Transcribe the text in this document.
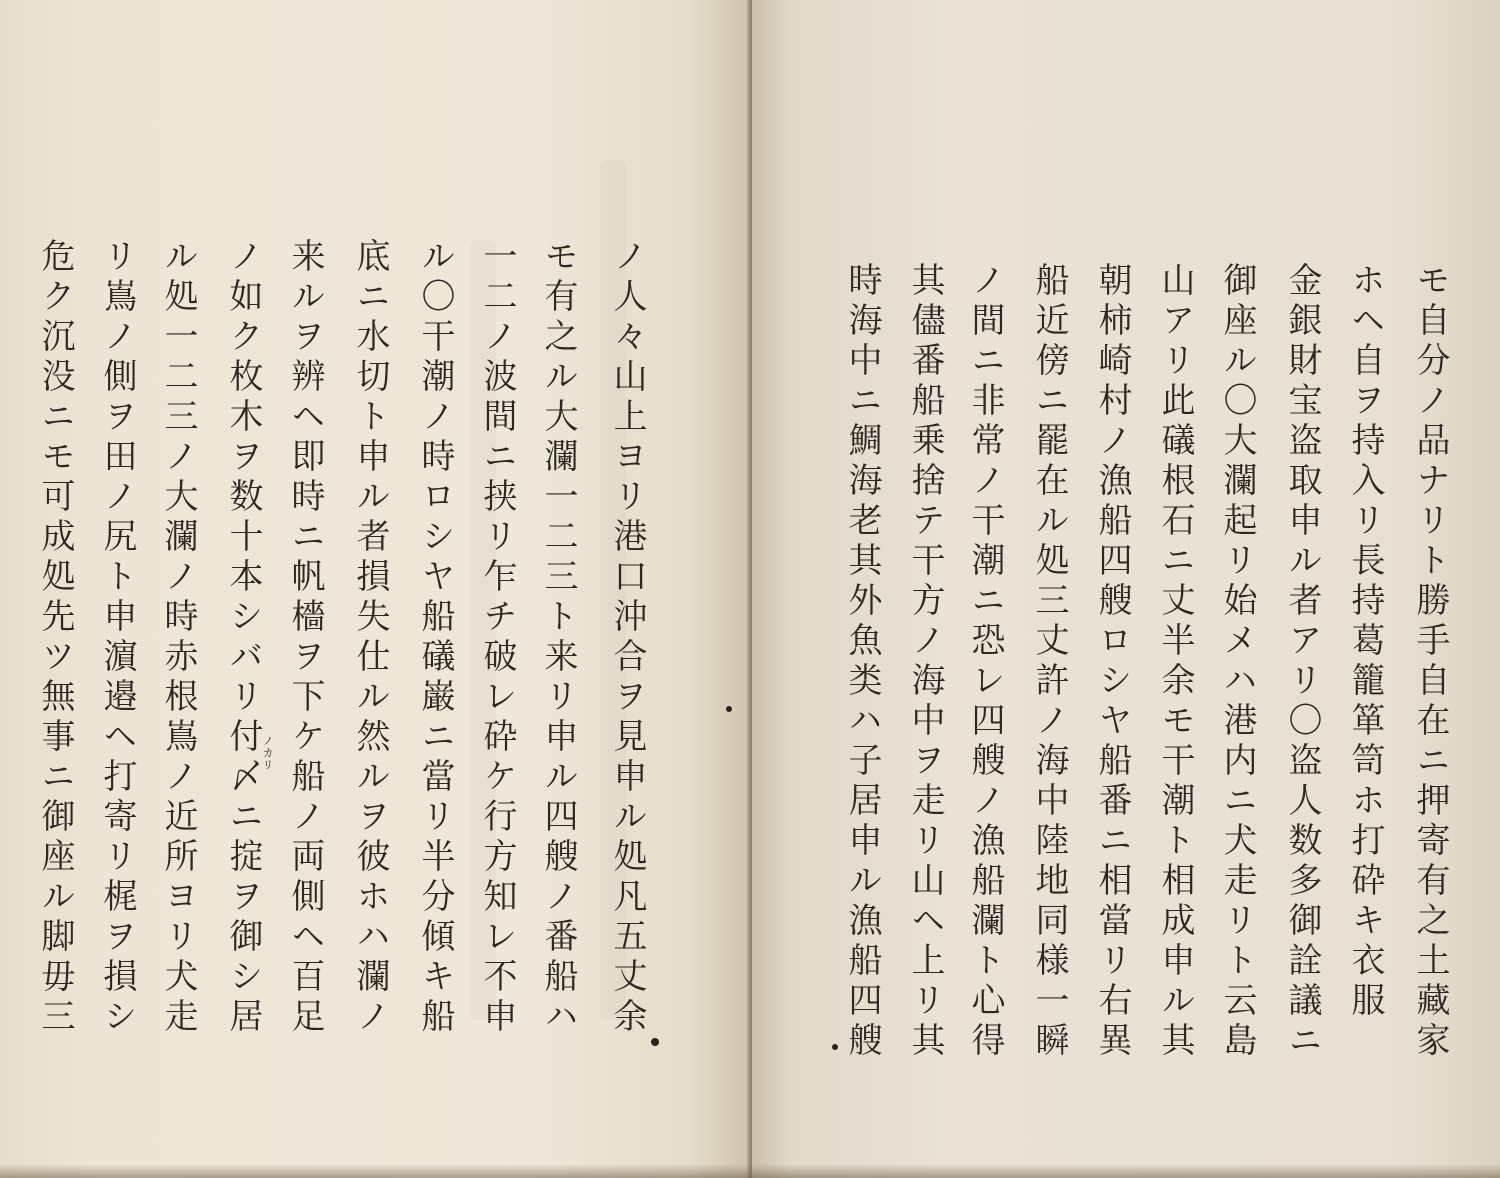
ノ人々山上ヨリ港口沖合ヲ見申ル処凡五丈余
モ有之ル大瀾一二三ト来リ申ル四艘ノ番船ハ
一二ノ波間ニ挟リ乍チ破レ砕ケ行方知レ不申
ル〇干潮ノ時ロシヤ船礒巌ニ當リ半分傾キ船
底ニ水切ト申ル者損失仕ル然ルヲ彼ホハ瀾ノ
来ルヲ辨ヘ即時ニ帆檣ヲ下ケ船ノ両側ヘ百足
ノ如ク枚木ヲ数十本シバリ付〆ニ掟ヲ御シ居
ル処一二三ノ大瀾ノ時赤根嶌ノ近所ヨリ犬走
リ嶌ノ側ヲ田ノ尻ト申濵邉ヘ打寄リ梶ヲ損シ
危ク沉没ニモ可成処先ツ無事ニ御座ル脚毋三	ノカリ	モ自分ノ品ナリト勝手自在ニ押寄有之土藏家
ホヘ自ヲ持入リ長持葛籠箪笥ホ打砕キ衣服
金銀財宝盗取申ル者アリ〇盗人数多御詮議ニ
御座ル〇大瀾起リ始メハ港内ニ犬走リト云島
山アリ此礒根石ニ丈半余モ干潮ト相成申ル其
朝柿崎村ノ漁船四艘ロシヤ船番ニ相當リ右異
船近傍ニ罷在ル処三丈許ノ海中陸地同様一瞬
ノ間ニ非常ノ干潮ニ恐レ四艘ノ漁船瀾ト心得
其儘番船乗捨テ干方ノ海中ヲ走リ山ヘ上リ其
時海中ニ鯛海老其外魚类ハ子居申ル漁船四艘
